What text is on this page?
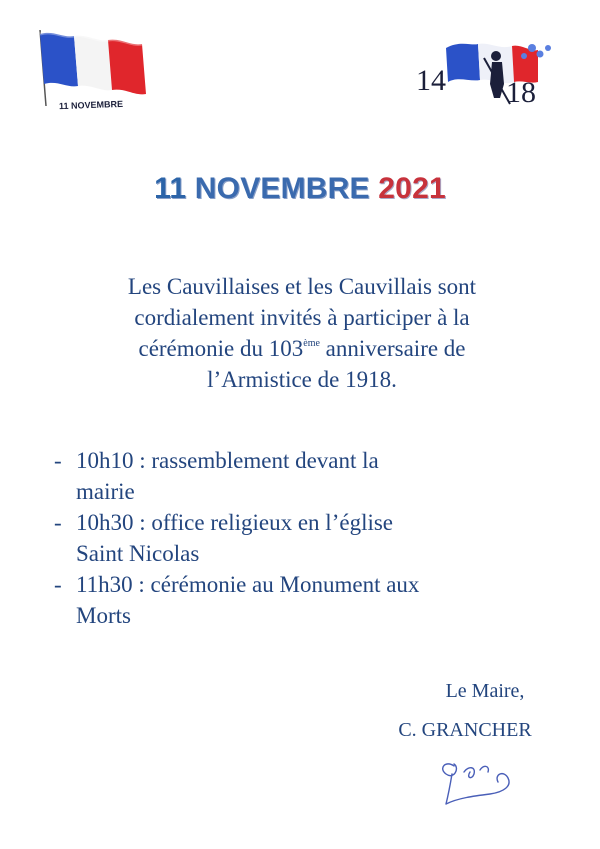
11 NOVEMBRE
14 18
11 NOVEMBRE 2021
Les Cauvillaises et les Cauvillais sont
cordialement invités à participer à la
cérémonie du 103ème anniversaire de
l’Armistice de 1918.
- 10h10 : rassemblement devant la
mairie
- 10h30 : office religieux en l’église
Saint Nicolas
- 11h30 : cérémonie au Monument aux
Morts
Le Maire,
C. GRANCHER
